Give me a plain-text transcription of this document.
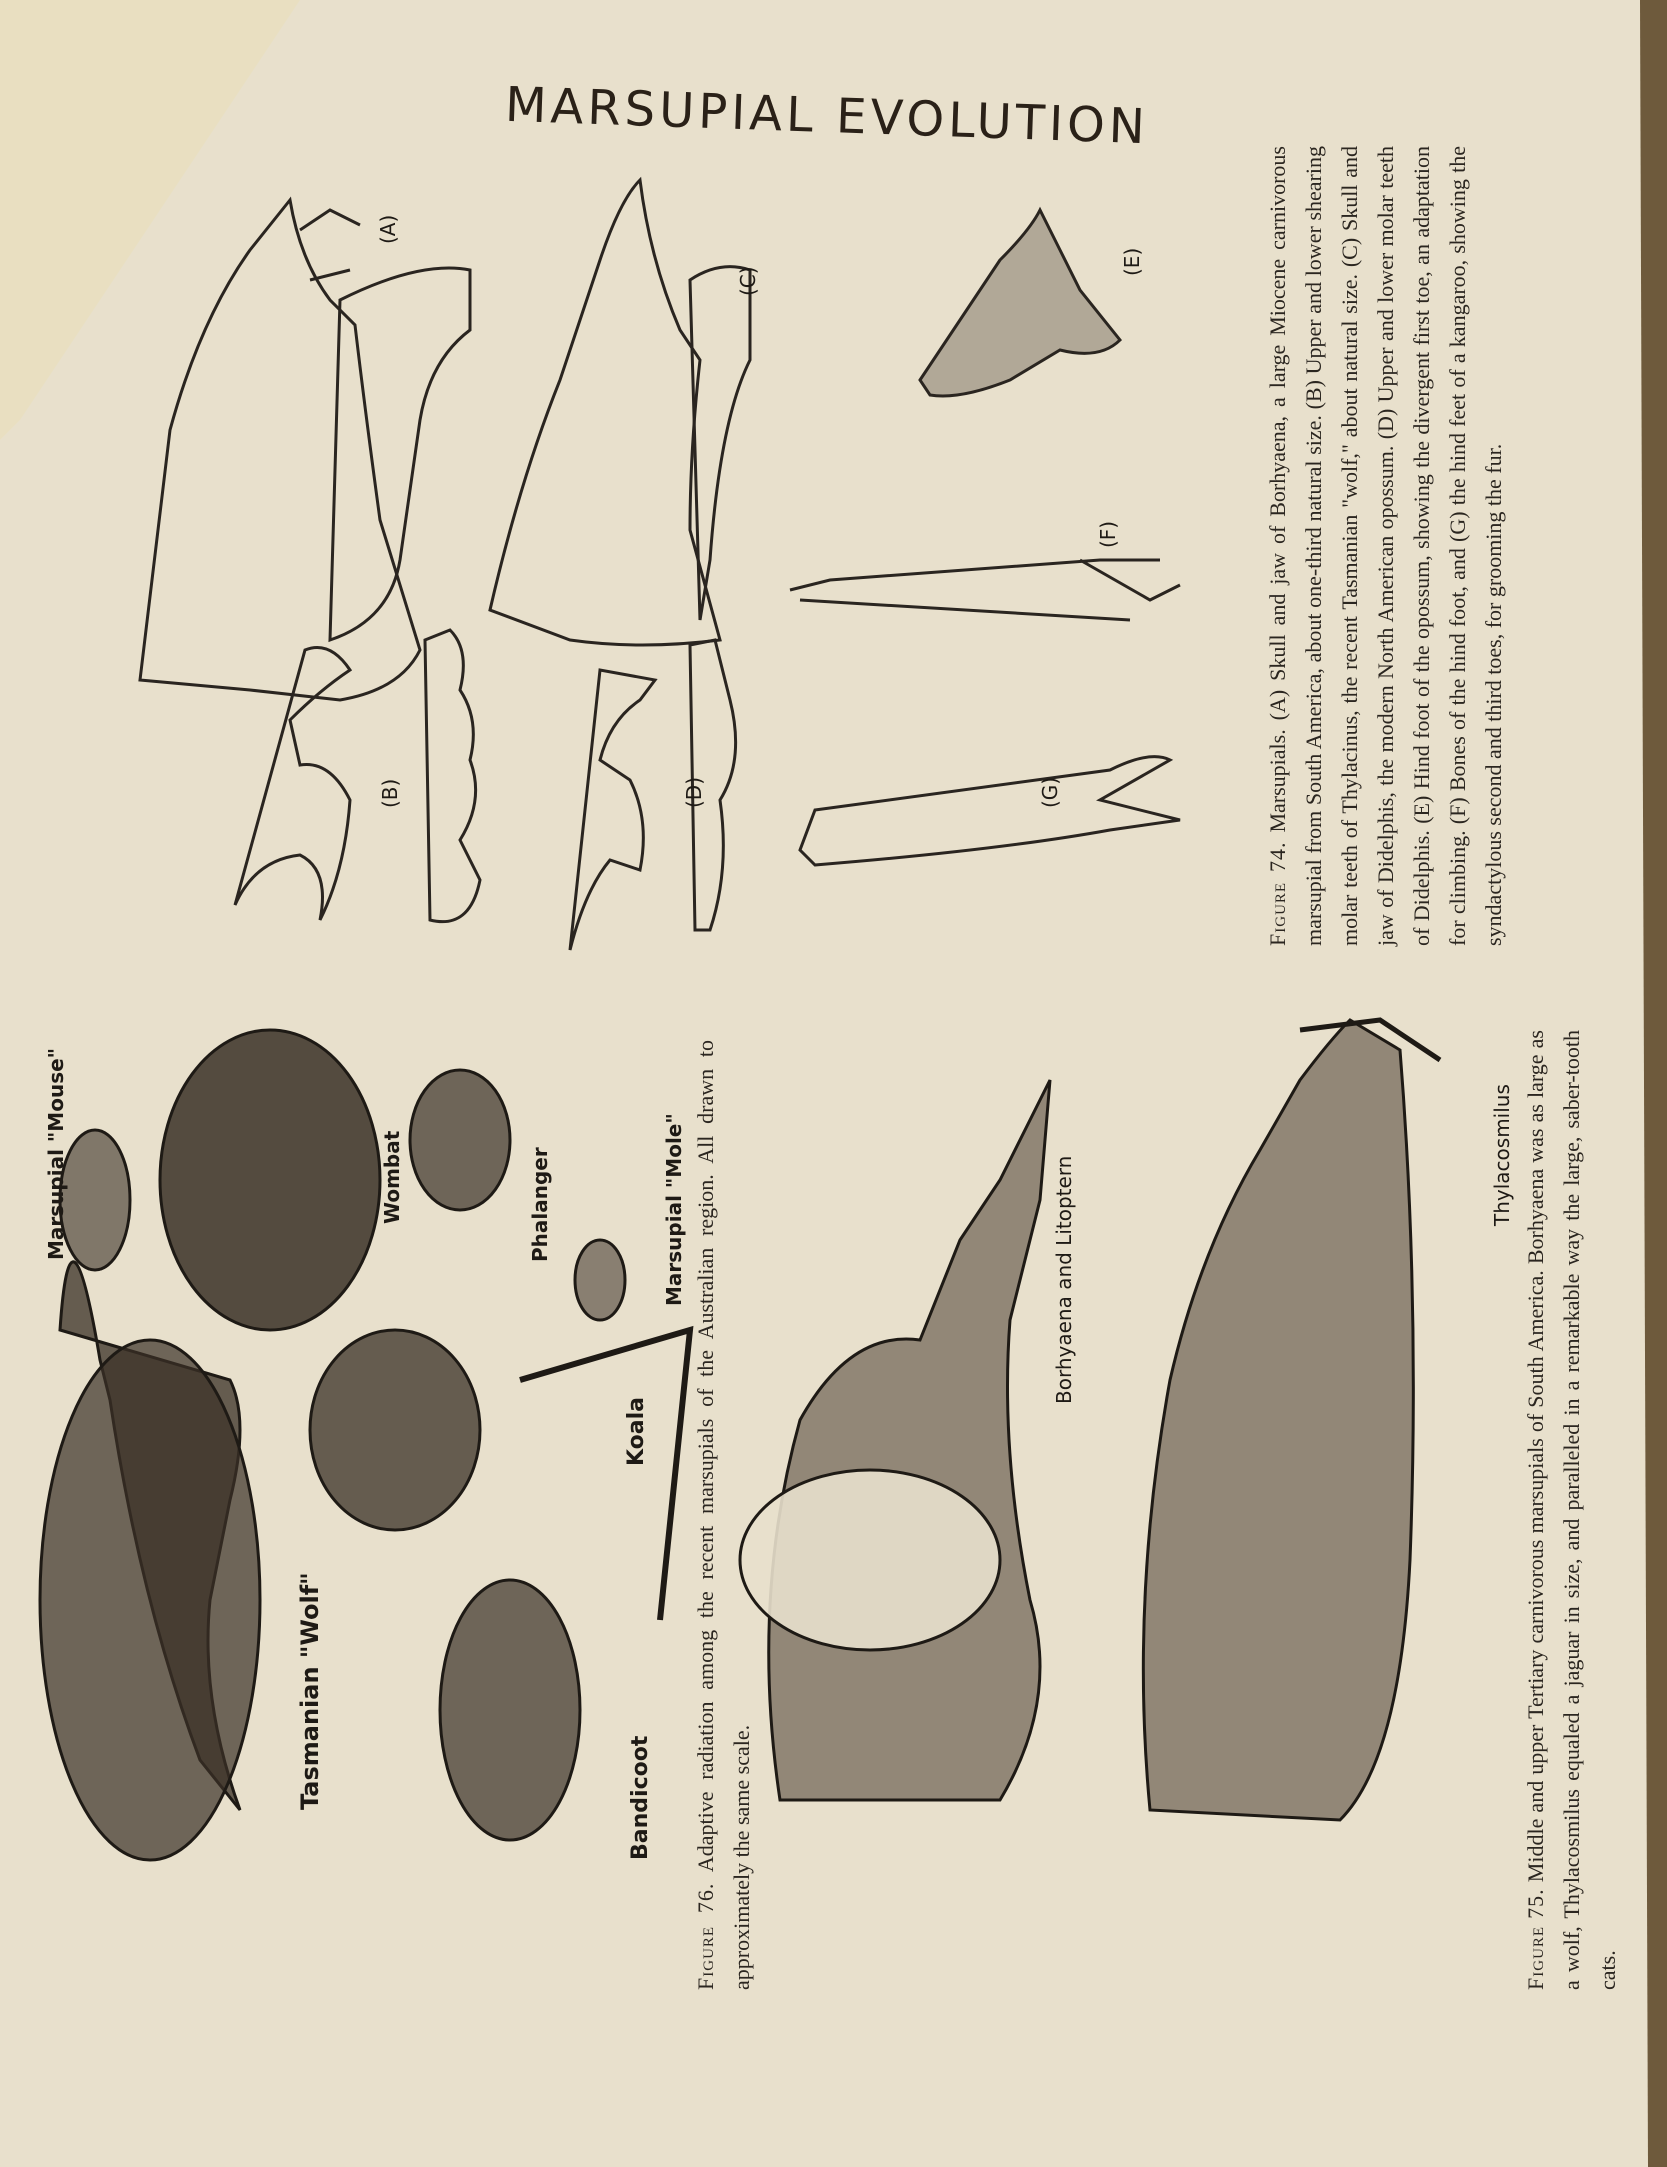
MARSUPIAL EVOLUTION
(A)
(B)
(C)
(D)
(E)
(F)
(G)
Figure 74. Marsupials. (A) Skull and jaw of Borhyaena, a large Miocene carnivorous marsupial from South America, about one-third natural size. (B) Upper and lower shearing molar teeth of Thylacinus, the recent Tasmanian "wolf," about natural size. (C) Skull and jaw of Didelphis, the modern North American opossum. (D) Upper and lower molar teeth of Didelphis. (E) Hind foot of the opossum, showing the divergent first toe, an adaptation for climbing. (F) Bones of the hind foot, and (G) the hind feet of a kangaroo, showing the syndactylous second and third toes, for grooming the fur.
Tasmanian "Wolf"
Marsupial "Mouse"	Wombat	Phalanger
Koala
Marsupial "Mole"
Bandicoot
Figure 76. Adaptive radiation among the recent marsupials of the Australian region. All drawn to approximately the same scale.
Borhyaena and Litoptern
Thylacosmilus
Figure 75. Middle and upper Tertiary carnivorous marsupials of South America. Borhyaena was as large as a wolf, Thylacosmilus equaled a jaguar in size, and paralleled in a remarkable way the large, saber-tooth cats.
